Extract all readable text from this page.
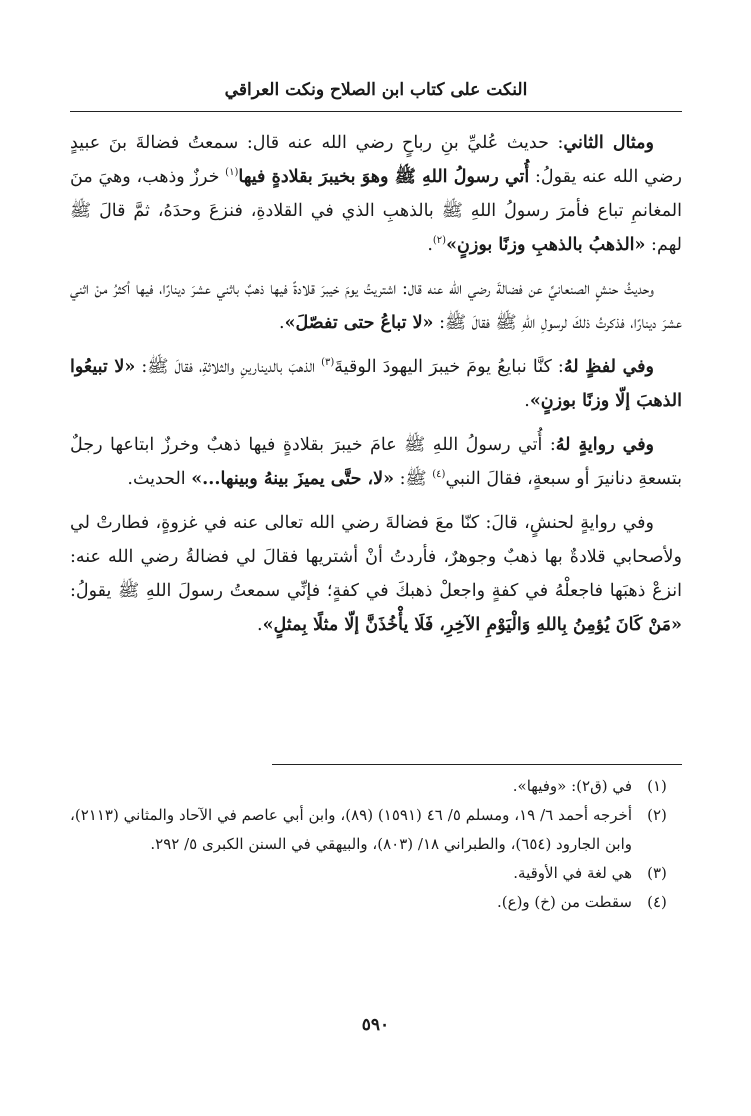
النكت على كتاب ابن الصلاح ونكت العراقي

ومثال الثاني: حديث عُليِّ بنِ رباحٍ رضي الله عنه قال: سمعتُ فضالةَ بنَ عبيدٍ رضي الله عنه يقولُ: أُتي رسولُ اللهِ ﷺ وهوَ بخيبرَ بقلادةٍ فيها$^{(١)}$ خرزٌ وذهب، وهيَ منَ المغانمِ تباع فأمرَ رسولُ اللهِ ﷺ بالذهبِ الذي في القلادةِ، فنزعَ وحدَهُ، ثمَّ قالَ ﷺ لهم: «الذهبُ بالذهبِ وزنًا بوزنٍ»$^{(٢)}$.

وحديثُ حنشٍ الصنعانيِّ عن فضالةَ رضي الله عنه قال: اشتريتُ يومَ خيبرَ قلادةً فيها ذهبٌ باثني عشرَ دينارًا، فيها أكثرُ منْ اثني عشرَ دينارًا، فذكرتُ ذلكَ لرسولِ اللهِ ﷺ فقالَ ﷺ: «لا تباعُ حتى تفصّلَ».

وفي لفظٍ لهُ: كنَّا نبايعُ يومَ خيبرَ اليهودَ الوقيةَ$^{(٣)}$ الذهبَ بالدينارينِ والثلاثةِ، فقالَ ﷺ: «لا تبيعُوا الذهبَ إلّا وزنًا بوزنٍ».

وفي روايةٍ لهُ: أُتي رسولُ اللهِ ﷺ عامَ خيبرَ بقلادةٍ فيها ذهبٌ وخرزٌ ابتاعها رجلٌ بتسعةِ دنانيرَ أو سبعةٍ، فقالَ النبي$^{(٤)}$ ﷺ: «لا، حتَّى يميزَ بينهُ وبينها...» الحديث.

وفي روايةٍ لحنشٍ، قالَ: كنّا معَ فضالةَ رضي الله تعالى عنه في غزوةٍ، فطارتْ لي ولأصحابي قلادةٌ بها ذهبٌ وجوهرٌ، فأردتُ أنْ أشتريها فقالَ لي فضالةُ رضي الله عنه: انزعْ ذهبَها فاجعلْهُ في كفةٍ واجعلْ ذهبكَ في كفةٍ؛ فإنِّي سمعتُ رسولَ اللهِ ﷺ يقولُ: «مَنْ كَانَ يُؤمِنُ بِاللهِ وَالْيَوْمِ الآخِرِ، فَلَا يأْخُذَنَّ إلّا مثلًا بِمثلٍ».

(١)
في (ق٢): «وفيها».
(٢)
أخرجه أحمد ٦/ ١٩، ومسلم ٥/ ٤٦ (١٥٩١) (٨٩)، وابن أبي عاصم في الآحاد والمثاني (٢١١٣)، وابن الجارود (٦٥٤)، والطبراني ١٨/ (٨٠٣)، والبيهقي في السنن الكبرى ٥/ ٢٩٢.
(٣)
هي لغة في الأوقية.
(٤)
سقطت من (خ) و(ع).
٥٩٠
